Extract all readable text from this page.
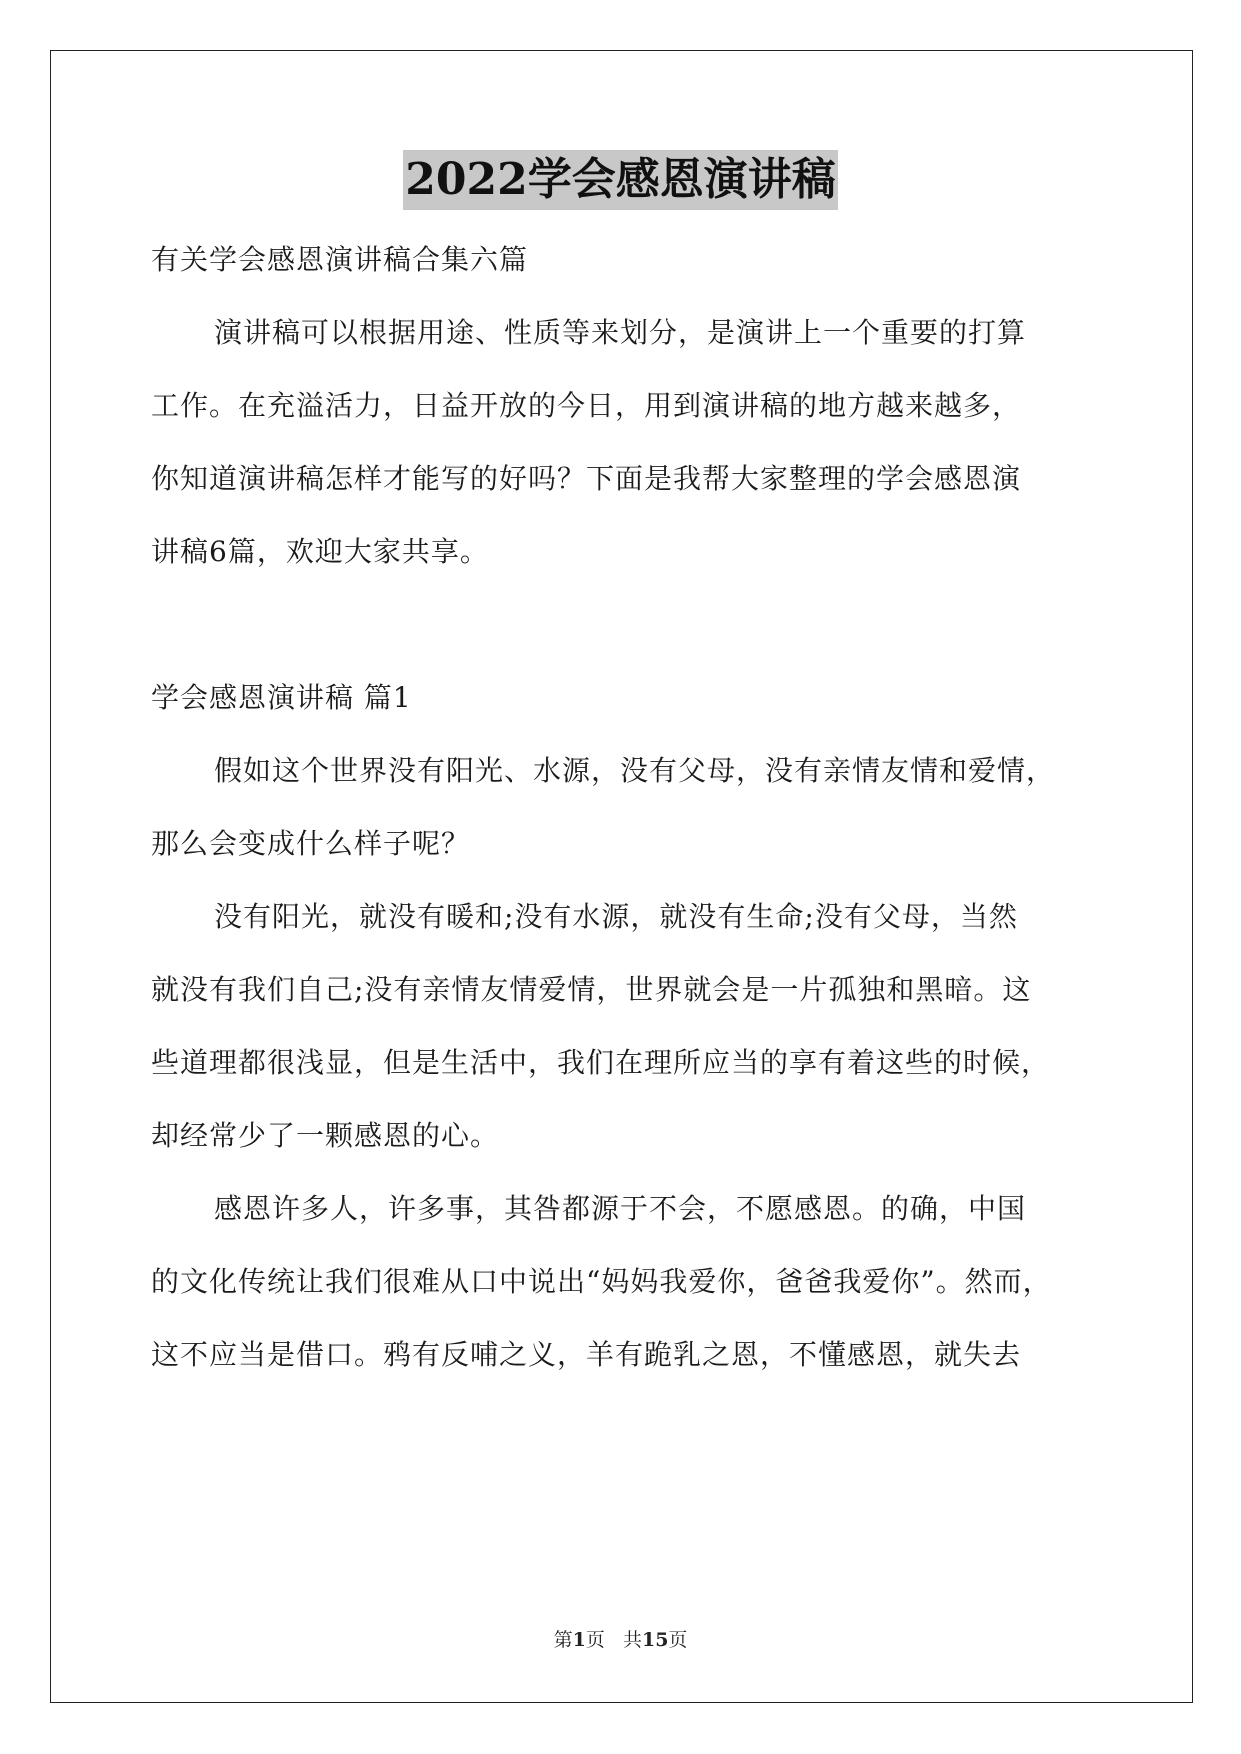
2022学会感恩演讲稿
有关学会感恩演讲稿合集六篇
演讲稿可以根据用途、性质等来划分，是演讲上一个重要的打算
工作。在充溢活力，日益开放的今日，用到演讲稿的地方越来越多，
你知道演讲稿怎样才能写的好吗？下面是我帮大家整理的学会感恩演
讲稿6篇，欢迎大家共享。
学会感恩演讲稿 篇1
假如这个世界没有阳光、水源，没有父母，没有亲情友情和爱情，
那么会变成什么样子呢？
没有阳光，就没有暖和;没有水源，就没有生命;没有父母，当然
就没有我们自己;没有亲情友情爱情，世界就会是一片孤独和黑暗。这
些道理都很浅显，但是生活中，我们在理所应当的享有着这些的时候，
却经常少了一颗感恩的心。
感恩许多人，许多事，其咎都源于不会，不愿感恩。的确，中国
的文化传统让我们很难从口中说出“妈妈我爱你，爸爸我爱你”。然而，
这不应当是借口。鸦有反哺之义，羊有跪乳之恩，不懂感恩，就失去
第1页 共15页
